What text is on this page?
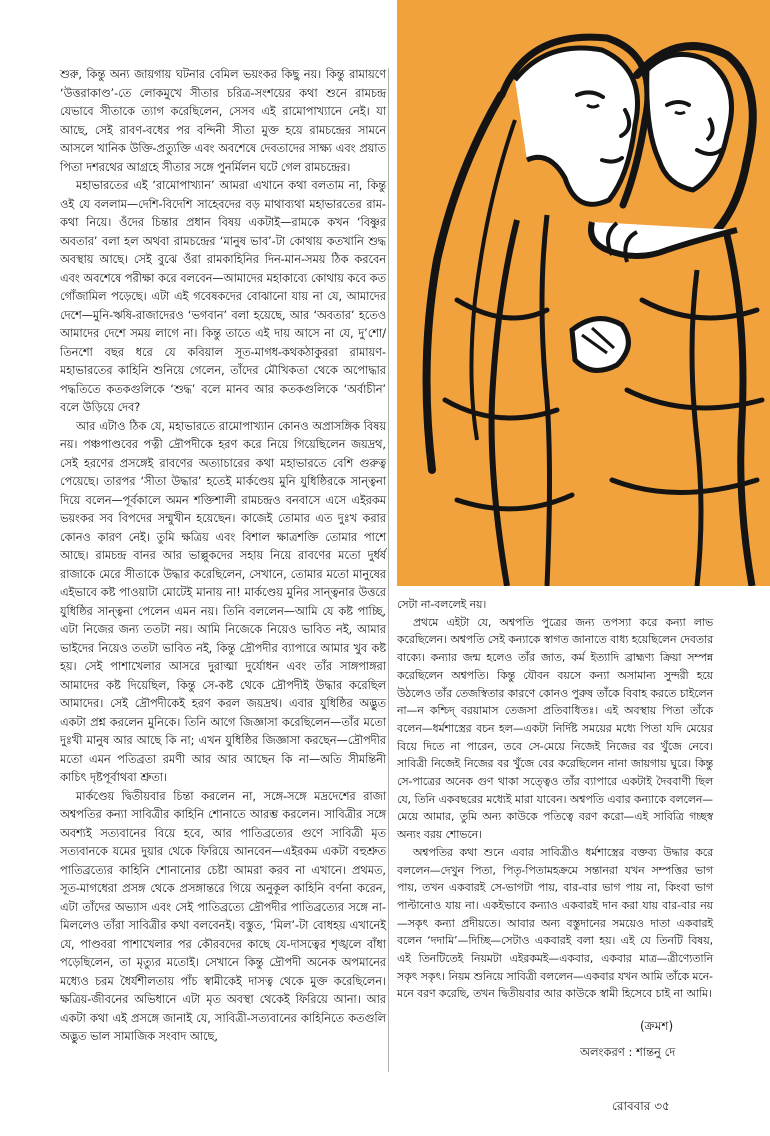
শুরু, কিন্তু অন্য জায়গায় ঘটনার বেমিল ভয়ংকর কিছু নয়। কিন্তু রামায়ণে ‘উত্তরাকাণ্ড’-তে লোকমুখে সীতার চরিত্র-সংশয়ের কথা শুনে রামচন্দ্র যেভাবে সীতাকে ত্যাগ করেছিলেন, সেসব এই রামোপাখ্যানে নেই। যা আছে, সেই রাবণ-বধের পর বন্দিনী সীতা মুক্ত হয়ে রামচন্দ্রের সামনে আসলে খানিক উক্তি-প্রত্যুক্তি এবং অবশেষে দেবতাদের সাক্ষ্য এবং প্রয়াত পিতা দশরথের আগ্রহে সীতার সঙ্গে পুনর্মিলন ঘটে গেল রামচন্দ্রের।

মহাভারতের এই ‘রামোপাখ্যান’ আমরা এখানে কথা বলতাম না, কিন্তু ওই যে বললাম—দেশি-বিদেশি সাহেবদের বড় মাথাব্যথা মহাভারতের রাম-কথা নিয়ে। ওঁদের চিন্তার প্রধান বিষয় একটাই—রামকে কখন ‘বিষ্ণুর অবতার’ বলা হল অথবা রামচন্দ্রের ‘মানুষ ভাব’-টা কোথায় কতখানি শুদ্ধ অবস্থায় আছে। সেই বুঝে ওঁরা রামকাহিনির দিন-মান-সময় ঠিক করবেন এবং অবশেষে পরীক্ষা করে বলবেন—আমাদের মহাকাব্যে কোথায় কবে কত গোঁজামিল পড়েছে। এটা এই গবেষকদের বোঝানো যায় না যে, আমাদের দেশে—মুনি-ঋষি-রাজাদেরও ‘ভগবান’ বলা হয়েছে, আর ‘অবতার’ হতেও আমাদের দেশে সময় লাগে না। কিন্তু তাতে এই দায় আসে না যে, দু’শো/তিনশো বছর ধরে যে কবিয়াল সূত-মাগধ-কথকঠাকুররা রামায়ণ-মহাভারতের কাহিনি শুনিয়ে গেলেন, তাঁদের মৌখিকতা থেকে অপোদ্ধার পদ্ধতিতে কতকগুলিকে ‘শুদ্ধ’ বলে মানব আর কতকগুলিকে ‘অর্বাচীন’ বলে উড়িয়ে দেব?

আর এটাও ঠিক যে, মহাভারতে রামোপাখ্যান কোনও অপ্রাসঙ্গিক বিষয় নয়। পঞ্চপাণ্ডবের পত্নী দ্রৌপদীকে হরণ করে নিয়ে গিয়েছিলেন জয়দ্রথ, সেই হরণের প্রসঙ্গেই রাবণের অত্যাচারের কথা মহাভারতে বেশি গুরুত্ব পেয়েছে। তারপর ‘সীতা উদ্ধার’ হতেই মার্কণ্ডেয় মুনি যুধিষ্ঠিরকে সান্ত্বনা দিয়ে বলেন—পূর্বকালে অমন শক্তিশালী রামচন্দ্রও বনবাসে এসে এইরকম ভয়ংকর সব বিপদের সম্মুখীন হয়েছেন। কাজেই তোমার এত দুঃখ করার কোনও কারণ নেই। তুমি ক্ষত্রিয় এবং বিশাল ক্ষাত্রশক্তি তোমার পাশে আছে। রামচন্দ্র বানর আর ভাল্লুকদের সহায় নিয়ে রাবণের মতো দুর্ধর্ষ রাজাকে মেরে সীতাকে উদ্ধার করেছিলেন, সেখানে, তোমার মতো মানুষের এইভাবে কষ্ট পাওয়াটা মোটেই মানায় না! মার্কণ্ডেয় মুনির সান্ত্বনার উত্তরে যুধিষ্ঠির সান্ত্বনা পেলেন এমন নয়। তিনি বললেন—আমি যে কষ্ট পাচ্ছি, এটা নিজের জন্য ততটা নয়। আমি নিজেকে নিয়েও ভাবিত নই, আমার ভাইদের নিয়েও ততটা ভাবিত নই, কিন্তু দ্রৌপদীর ব্যাপারে আমার খুব কষ্ট হয়। সেই পাশাখেলার আসরে দুরাত্মা দুর্যোধন এবং তাঁর সাঙ্গপাঙ্গরা আমাদের কষ্ট দিয়েছিল, কিন্তু সে-কষ্ট থেকে দ্রৌপদীই উদ্ধার করেছিল আমাদের। সেই দ্রৌপদীকেই হরণ করল জয়দ্রথ। এবার যুধিষ্ঠির অদ্ভুত একটা প্রশ্ন করলেন মুনিকে। তিনি আগে জিজ্ঞাসা করেছিলেন—তাঁর মতো দুঃখী মানুষ আর আছে কি না; এখন যুধিষ্ঠির জিজ্ঞাসা করছেন—দ্রৌপদীর মতো এমন পতিব্রতা রমণী আর আর আছেন কি না—অতি সীমন্তিনী কাচিৎ দৃষ্টপূর্বাথবা শ্রুতা।

মার্কণ্ডেয় দ্বিতীয়বার চিন্তা করলেন না, সঙ্গে-সঙ্গে মদ্রদেশের রাজা অশ্বপতির কন্যা সাবিত্রীর কাহিনি শোনাতে আরম্ভ করলেন। সাবিত্রীর সঙ্গে অবশ্যই সত্যবানের বিয়ে হবে, আর পাতিব্রত্যের গুণে সাবিত্রী মৃত সত্যবানকে যমের দুয়ার থেকে ফিরিয়ে আনবেন—এইরকম একটা বহুশ্রুত পাতিব্রত্যের কাহিনি শোনানোর চেষ্টা আমরা করব না এখানে। প্রথমত, সূত-মাগধেরা প্রসঙ্গ থেকে প্রসঙ্গান্তরে গিয়ে অনুকূল কাহিনি বর্ণনা করেন, এটা তাঁদের অভ্যাস এবং সেই পাতিব্রত্যে দ্রৌপদীর পাতিব্রত্যের সঙ্গে না-মিললেও তাঁরা সাবিত্রীর কথা বলবেনই। বস্তুত, ‘মিল’-টা বোধহয় এখানেই যে, পাণ্ডবরা পাশাখেলার পর কৌরবদের কাছে যে-দাসত্বের শৃঙ্খলে বাঁধা পড়েছিলেন, তা মৃত্যুর মতোই। সেখানে কিন্তু দ্রৌপদী অনেক অপমানের মধ্যেও চরম ধৈর্যশীলতায় পাঁচ স্বামীকেই দাসত্ব থেকে মুক্ত করেছিলেন। ক্ষত্রিয়-জীবনের অভিধানে এটা মৃত অবস্থা থেকেই ফিরিয়ে আনা। আর একটা কথা এই প্রসঙ্গে জানাই যে, সাবিত্রী-সত্যবানের কাহিনিতে কতগুলি অদ্ভুত ভাল সামাজিক সংবাদ আছে,

সেটা না-বললেই নয়।

প্রথমে এইটা যে, অশ্বপতি পুত্রের জন্য তপস্যা করে কন্যা লাভ করেছিলেন। অশ্বপতি সেই কন্যাকে স্বাগত জানাতে বাধ্য হয়েছিলেন দেবতার বাক্যে। কন্যার জন্ম হলেও তাঁর জাত, কর্ম ইত্যাদি ব্রাহ্মণ্য ক্রিয়া সম্পন্ন করেছিলেন অশ্বপতি। কিন্তু যৌবন বয়সে কন্যা অসামান্য সুন্দরী হয়ে উঠলেও তাঁর তেজস্বিতার কারণে কোনও পুরুষ তাঁকে বিবাহ করতে চাইলেন না—ন কশ্চিদ্ বরয়ামাস তেজসা প্রতিবাধিতঃ। এই অবস্থায় পিতা তাঁকে বলেন—ধর্মশাস্ত্রের বচন হল—একটা নির্দিষ্ট সময়ের মধ্যে পিতা যদি মেয়ের বিয়ে দিতে না পারেন, তবে সে-মেয়ে নিজেই নিজের বর খুঁজে নেবে। সাবিত্রী নিজেই নিজের বর খুঁজে বের করেছিলেন নানা জায়গায় ঘুরে। কিন্তু সে-পাত্রের অনেক গুণ থাকা সত্ত্বেও তাঁর ব্যাপারে একটাই দৈববাণী ছিল যে, তিনি একবছরের মধ্যেই মারা যাবেন। অশ্বপতি এবার কন্যাকে বললেন—মেয়ে আমার, তুমি অন্য কাউকে পতিত্বে বরণ করো—এই সাবিত্রি গচ্ছস্ব অন্যং বরয় শোভনে।

অশ্বপতির কথা শুনে এবার সাবিত্রীও ধর্মশাস্ত্রের বক্তব্য উদ্ধার করে বললেন—দেখুন পিতা, পিতৃ-পিতামহক্রমে সন্তানরা যখন সম্পত্তির ভাগ পায়, তখন একবারই সে-ভাগটা পায়, বার-বার ভাগ পায় না, কিংবা ভাগ পাল্টানোও যায় না। একইভাবে কন্যাও একবারই দান করা যায় বার-বার নয়—সকৃৎ কন্যা প্রদীয়তে। আবার অন্য বস্তুদানের সময়েও দাতা একবারই বলেন ‘দদামি’—দিচ্ছি—সেটাও একবারই বলা হয়। এই যে তিনটি বিষয়, এই তিনটিতেই নিয়মটা এইরকমই—একবার, একবার মাত্র—ত্রীণ্যেতানি সকৃৎ সকৃৎ। নিয়ম শুনিয়ে সাবিত্রী বললেন—একবার যখন আমি তাঁকে মনে-মনে বরণ করেছি, তখন দ্বিতীয়বার আর কাউকে স্বামী হিসেবে চাই না আমি।

(ক্রমশ)
অলংকরণ : শান্তনু দে
রোববার ৩৫
